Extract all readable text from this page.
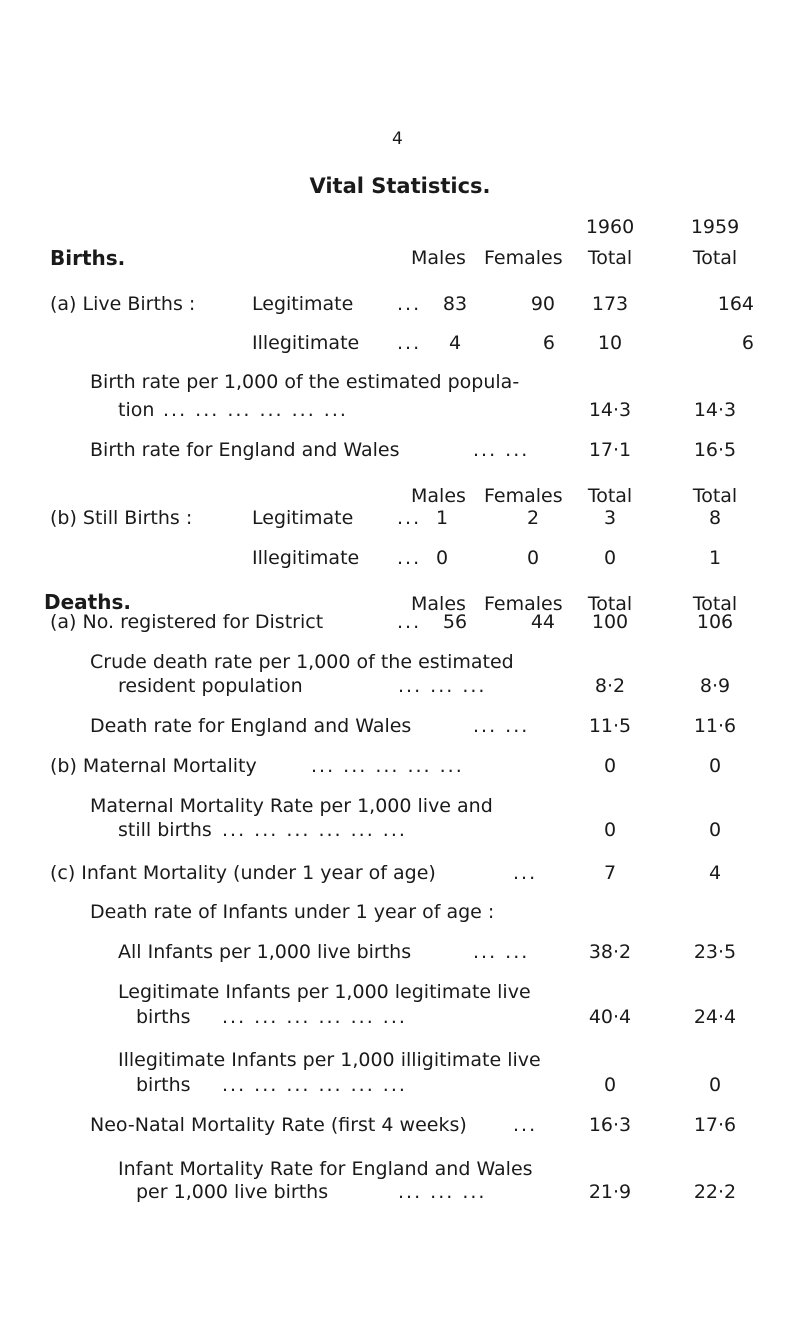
4
Vital Statistics.
1960	1959
Births.	Males Females	Total	Total
(a) Live Births :	Legitimate ...	83	90	173	164
Illegitimate ...	4	6	10	6
Birth rate per 1,000 of the estimated popula-
tion ... ... ... ... ... ...	14·3	14·3
Birth rate for England and Wales	... ...	17·1	16·5
Males Females	Total	Total
(b) Still Births :	Legitimate ... 1	2	3	8
Illegitimate ... 0	0	0	1
Deaths.	Males Females	Total	Total
(a) No. registered for District	...	56	44	100	106
Crude death rate per 1,000 of the estimated
resident population	... ... ...	8·2	8·9
Death rate for England and Wales	... ...	11·5	11·6
(b) Maternal Mortality	... ... ... ... ...	0	0
Maternal Mortality Rate per 1,000 live and
still births ... ... ... ... ... ...	0	0
(c) Infant Mortality (under 1 year of age)	...	7	4
Death rate of Infants under 1 year of age :
All Infants per 1,000 live births	... ...	38·2	23·5
Legitimate Infants per 1,000 legitimate live
births ... ... ... ... ... ...	40·4	24·4
Illegitimate Infants per 1,000 illigitimate live
births ... ... ... ... ... ...	0	0
Neo-Natal Mortality Rate (first 4 weeks) ...	16·3	17·6
Infant Mortality Rate for England and Wales
per 1,000 live births	... ... ...	21·9	22·2
